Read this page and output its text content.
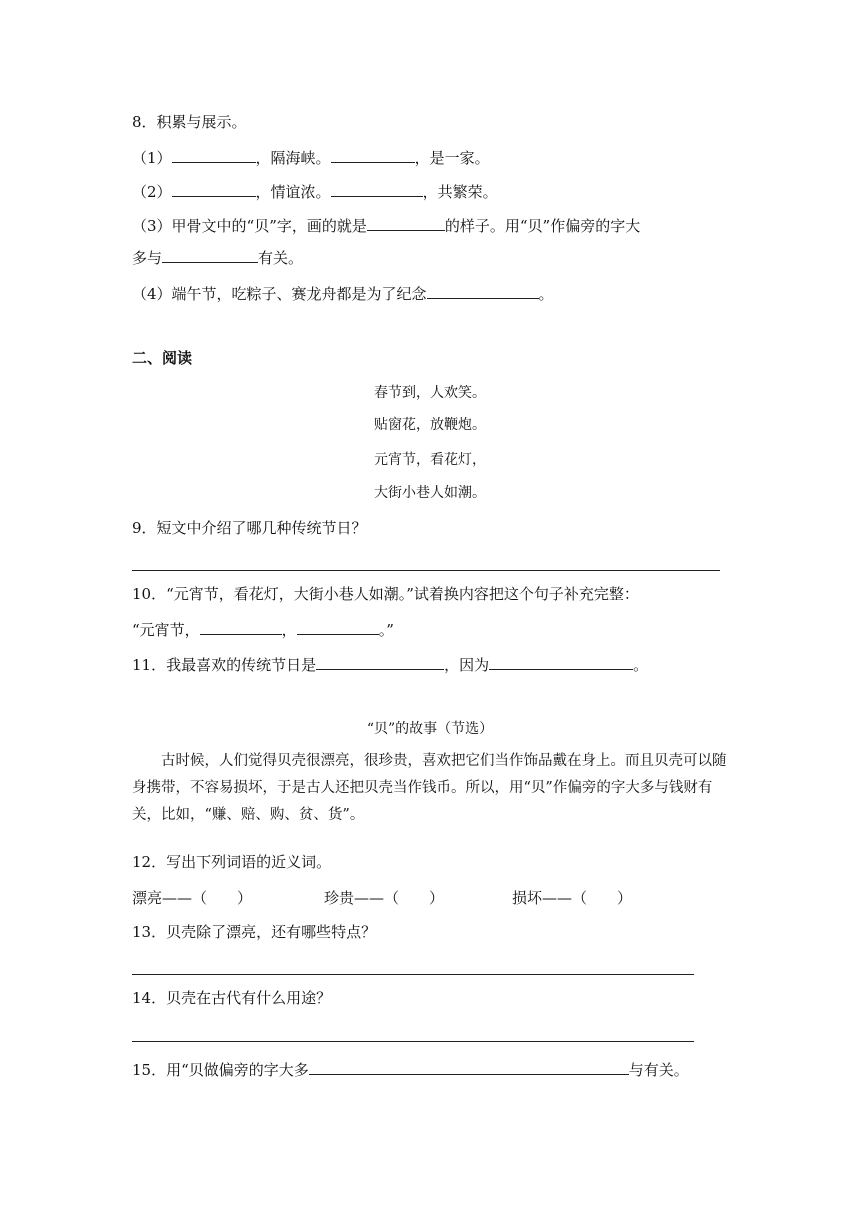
8．积累与展示。
（1）	，隔海峡。	，是一家。
（2）	，情谊浓。	，共繁荣。
（3）甲骨文中的“贝”字，画的就是	的样子。用“贝”作偏旁的字大
多与	有关。
（4）端午节，吃粽子、赛龙舟都是为了纪念	。
二、阅读
春节到，人欢笑。
贴窗花，放鞭炮。
元宵节，看花灯，
大街小巷人如潮。
9．短文中介绍了哪几种传统节日？
10．“元宵节，看花灯，大街小巷人如潮。”试着换内容把这个句子补充完整：
“元宵节，	，	。”
11．我最喜欢的传统节日是	，因为	。
“贝”的故事（节选）
古时候，人们觉得贝壳很漂亮，很珍贵，喜欢把它们当作饰品戴在身上。而且贝壳可以随身携带，不容易损坏，于是古人还把贝壳当作钱币。所以，用“贝”作偏旁的字大多与钱财有关，比如，“赚、赔、购、贫、货”。
12．写出下列词语的近义词。
漂亮——（　　）	珍贵——（　　）	损坏——（　　）
13．贝壳除了漂亮，还有哪些特点？
14．贝壳在古代有什么用途？
15．用“贝做偏旁的字大多	与有关。
